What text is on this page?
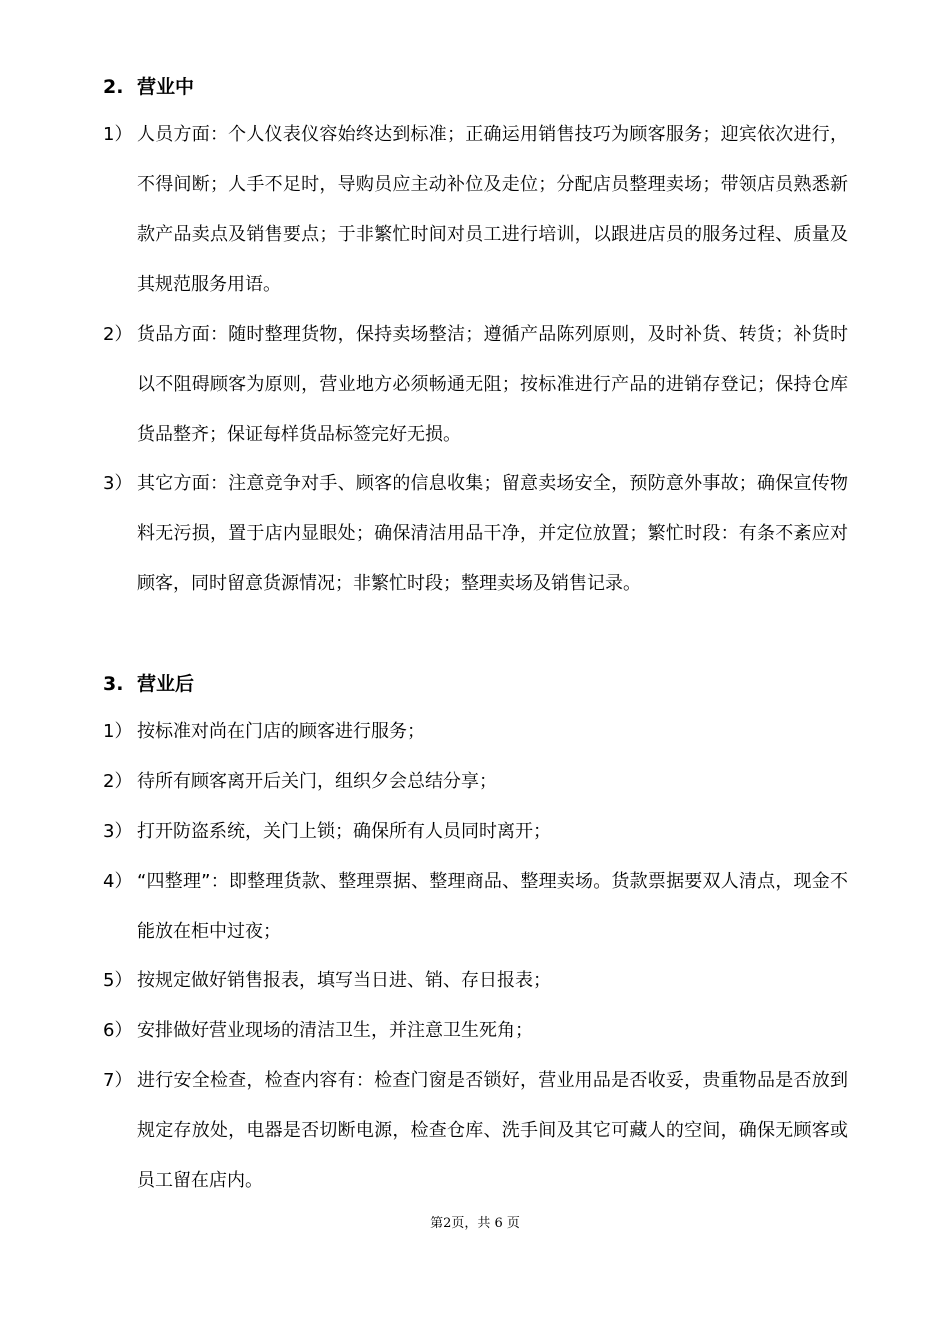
2. 营业中
1） 人员方面：个人仪表仪容始终达到标准；正确运用销售技巧为顾客服务；迎宾依次进行，不得间断；人手不足时，导购员应主动补位及走位；分配店员整理卖场；带领店员熟悉新款产品卖点及销售要点；于非繁忙时间对员工进行培训，以跟进店员的服务过程、质量及其规范服务用语。
2） 货品方面：随时整理货物，保持卖场整洁；遵循产品陈列原则，及时补货、转货；补货时以不阻碍顾客为原则，营业地方必须畅通无阻；按标准进行产品的进销存登记；保持仓库货品整齐；保证每样货品标签完好无损。
3） 其它方面：注意竞争对手、顾客的信息收集；留意卖场安全，预防意外事故；确保宣传物料无污损，置于店内显眼处；确保清洁用品干净，并定位放置；繁忙时段：有条不紊应对顾客，同时留意货源情况；非繁忙时段；整理卖场及销售记录。
3. 营业后
1） 按标准对尚在门店的顾客进行服务；
2） 待所有顾客离开后关门，组织夕会总结分享；
3） 打开防盗系统，关门上锁；确保所有人员同时离开；
4） “四整理”：即整理货款、整理票据、整理商品、整理卖场。货款票据要双人清点，现金不能放在柜中过夜；
5） 按规定做好销售报表，填写当日进、销、存日报表；
6） 安排做好营业现场的清洁卫生，并注意卫生死角；
7） 进行安全检查，检查内容有：检查门窗是否锁好，营业用品是否收妥，贵重物品是否放到规定存放处，电器是否切断电源，检查仓库、洗手间及其它可藏人的空间，确保无顾客或员工留在店内。
第2页，共 6 页
